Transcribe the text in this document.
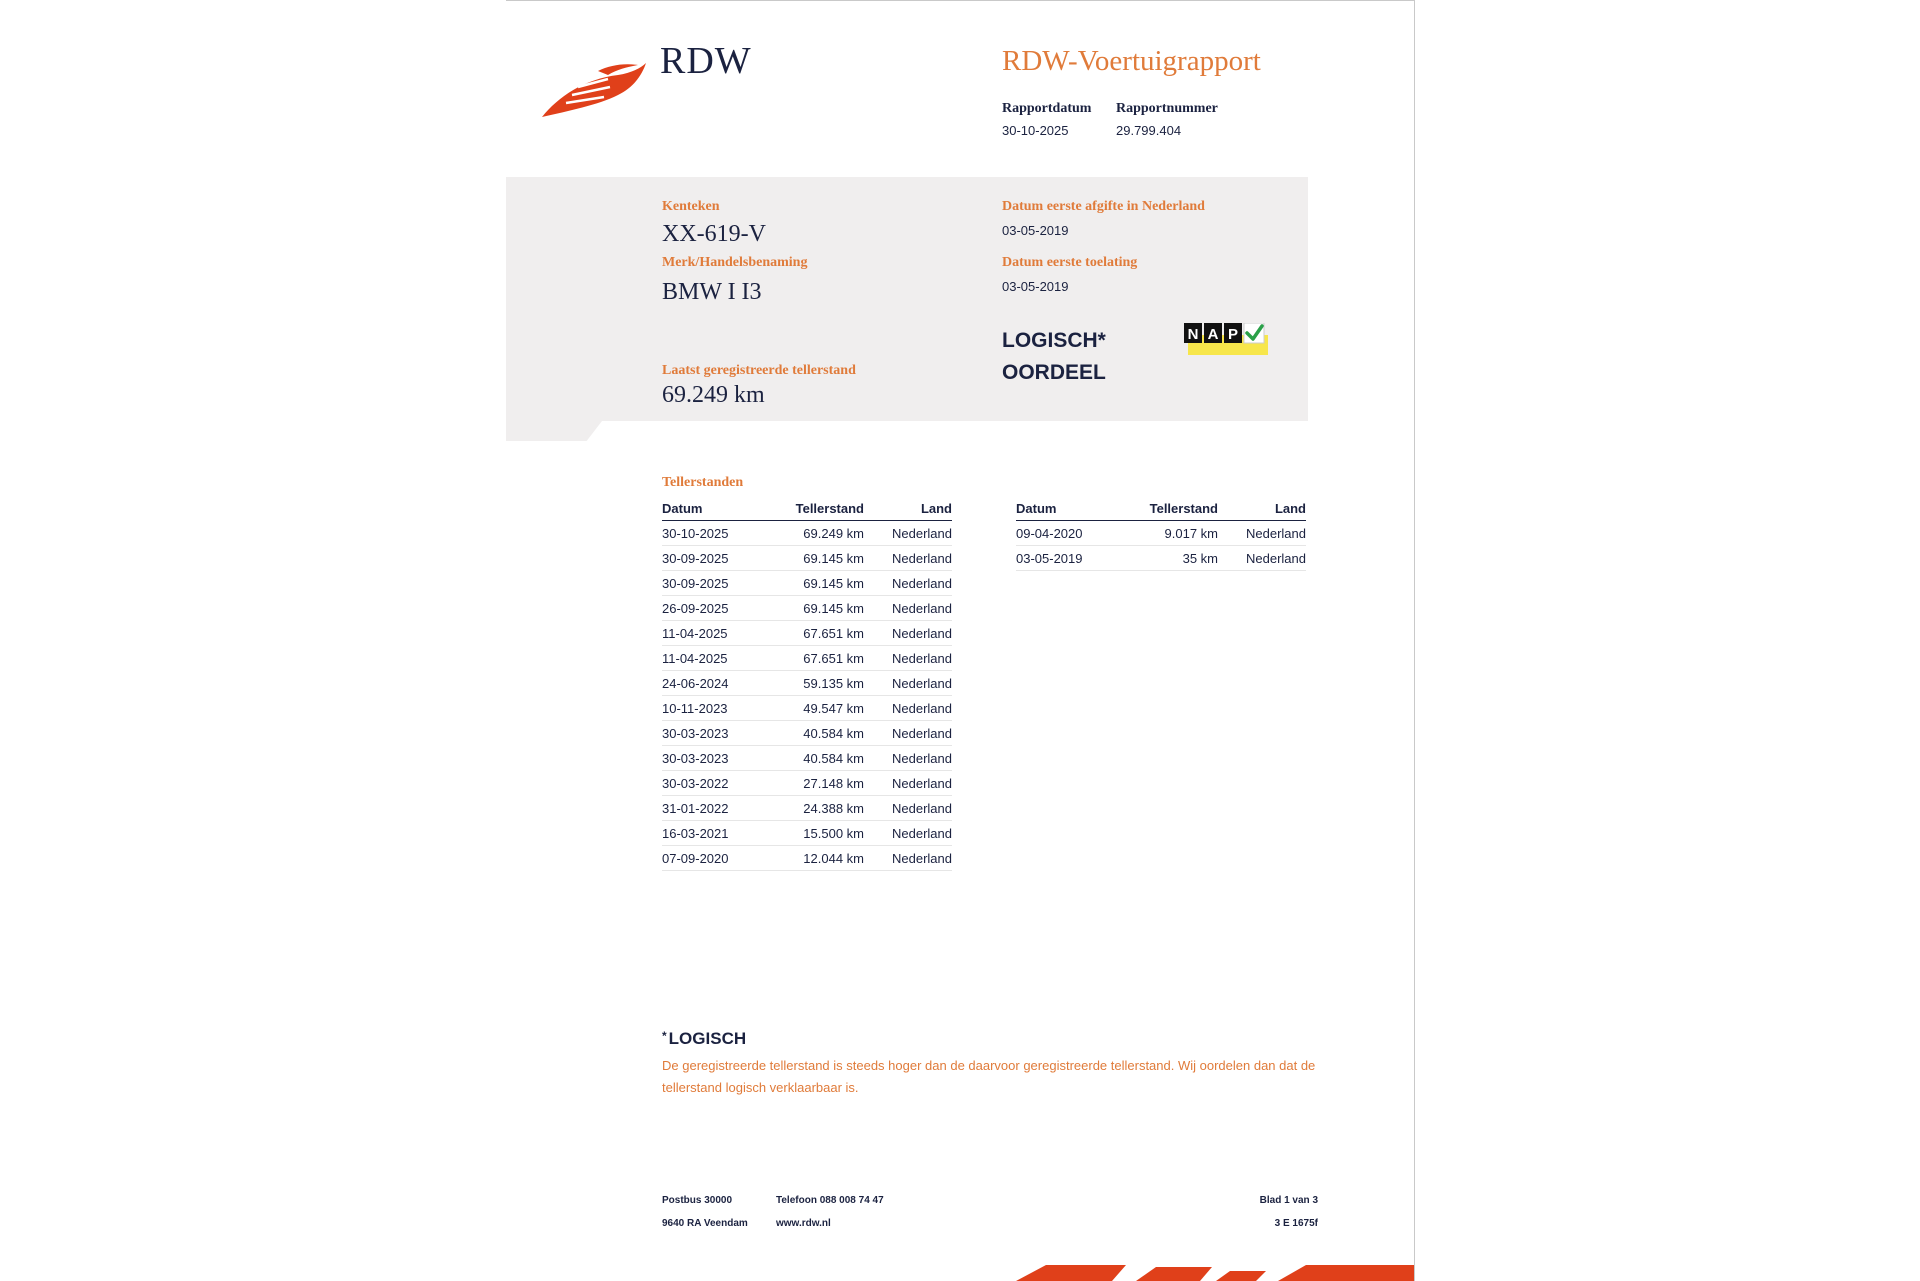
RDW	RDW-Voertuigrapport
Rapportdatum
30-10-2025
Rapportnummer
29.799.404
Kenteken
XX-619-V
Merk/Handelsbenaming
BMW I I3
Laatst geregistreerde tellerstand
69.249 km
Datum eerste afgifte in Nederland
03-05-2019
Datum eerste toelating
03-05-2019
LOGISCH*
OORDEEL
N A P
Tellerstanden
Datum	Tellerstand	Land
30-10-2025	69.249 km	Nederland
30-09-2025	69.145 km	Nederland
30-09-2025	69.145 km	Nederland
26-09-2025	69.145 km	Nederland
11-04-2025	67.651 km	Nederland
11-04-2025	67.651 km	Nederland
24-06-2024	59.135 km	Nederland
10-11-2023	49.547 km	Nederland
30-03-2023	40.584 km	Nederland
30-03-2023	40.584 km	Nederland
30-03-2022	27.148 km	Nederland
31-01-2022	24.388 km	Nederland
16-03-2021	15.500 km	Nederland
07-09-2020	12.044 km	Nederland
Datum	Tellerstand	Land
09-04-2020	9.017 km	Nederland
03-05-2019	35 km	Nederland
* LOGISCH
De geregistreerde tellerstand is steeds hoger dan de daarvoor geregistreerde tellerstand. Wij oordelen dan dat de tellerstand logisch verklaarbaar is.
Postbus 30000
9640 RA Veendam
Telefoon 088 008 74 47
www.rdw.nl
Blad 1 van 3
3 E 1675f
